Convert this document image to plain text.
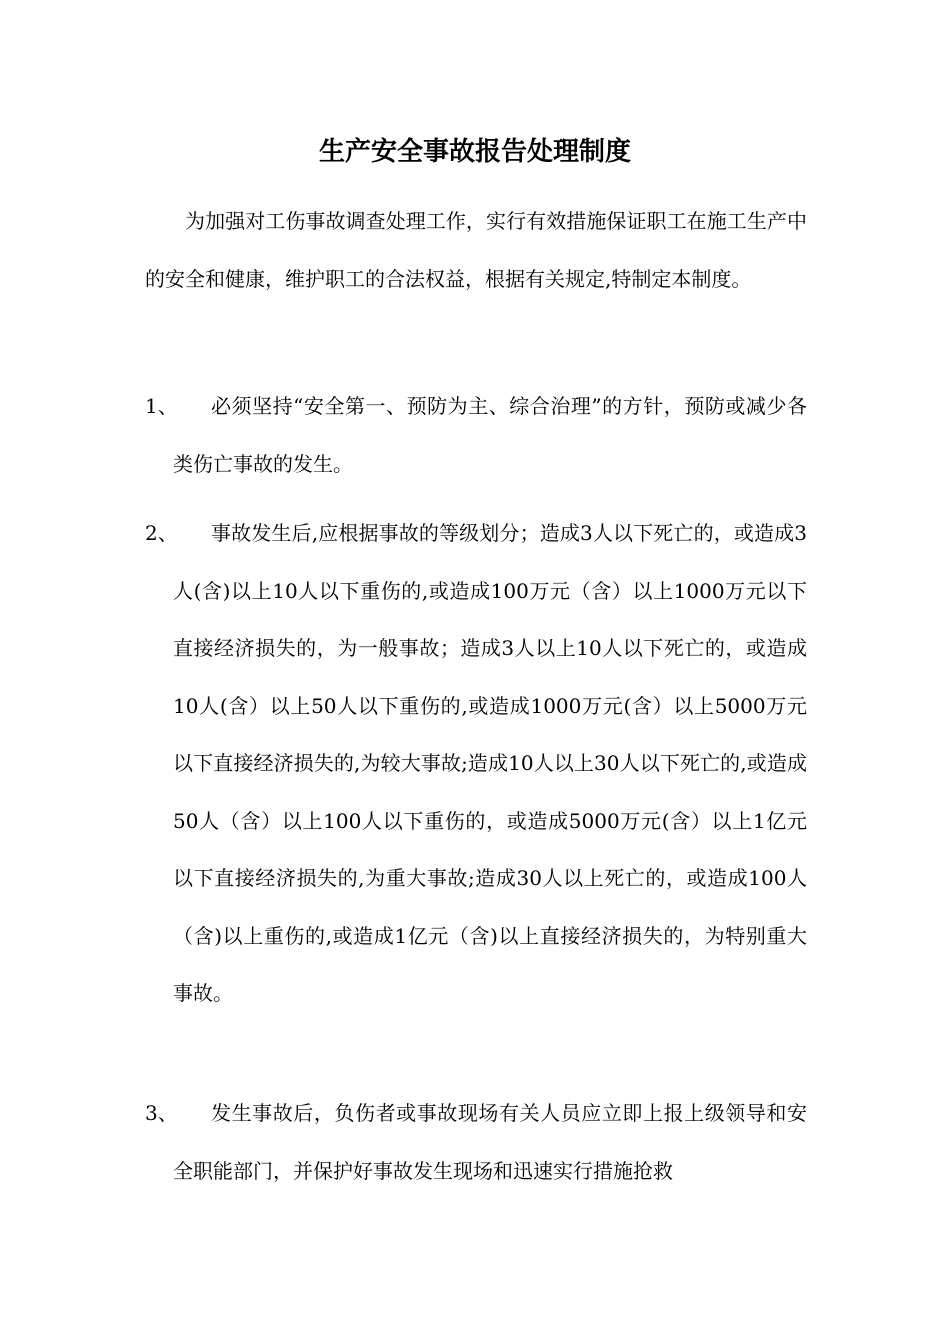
生产安全事故报告处理制度

为加强对工伤事故调查处理工作，实行有效措施保证职工在施工生产中的安全和健康，维护职工的合法权益，根据有关规定,特制定本制度。

1、	必须坚持“安全第一、预防为主、综合治理”的方针，预防或减少各类伤亡事故的发生。

2、	事故发生后,应根据事故的等级划分；造成3人以下死亡的，或造成3人(含)以上10人以下重伤的,或造成100万元（含）以上1000万元以下直接经济损失的，为一般事故；造成3人以上10人以下死亡的，或造成10人(含）以上50人以下重伤的,或造成1000万元(含）以上5000万元以下直接经济损失的,为较大事故;造成10人以上30人以下死亡的,或造成50人（含）以上100人以下重伤的，或造成5000万元(含）以上1亿元以下直接经济损失的,为重大事故;造成30人以上死亡的，或造成100人（含)以上重伤的,或造成1亿元（含)以上直接经济损失的，为特别重大事故。

3、	发生事故后，负伤者或事故现场有关人员应立即上报上级领导和安全职能部门，并保护好事故发生现场和迅速实行措施抢救
